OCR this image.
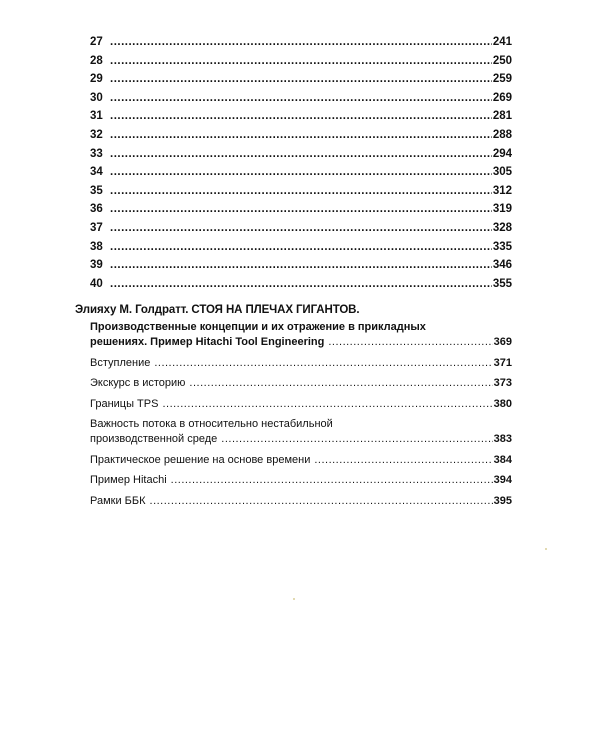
27 .....	241
28 .....	250
29 .....	259
30 .....	269
31 .....	281
32 .....	288
33 .....	294
34 .....	305
35 .....	312
36 .....	319
37 .....	328
38 .....	335
39 .....	346
40 .....	355
Элияху М. Голдратт. СТОЯ НА ПЛЕЧАХ ГИГАНТОВ.
Производственные концепции и их отражение в прикладных
решениях. Пример Hitachi Tool Engineering .....	369
Вступление .....	371
Экскурс в историю .....	373
Границы TPS .....	380
Важность потока в относительно нестабильной
производственной среде .....	383
Практическое решение на основе времени .....	384
Пример Hitachi .....	394
Рамки ББК .....	395
